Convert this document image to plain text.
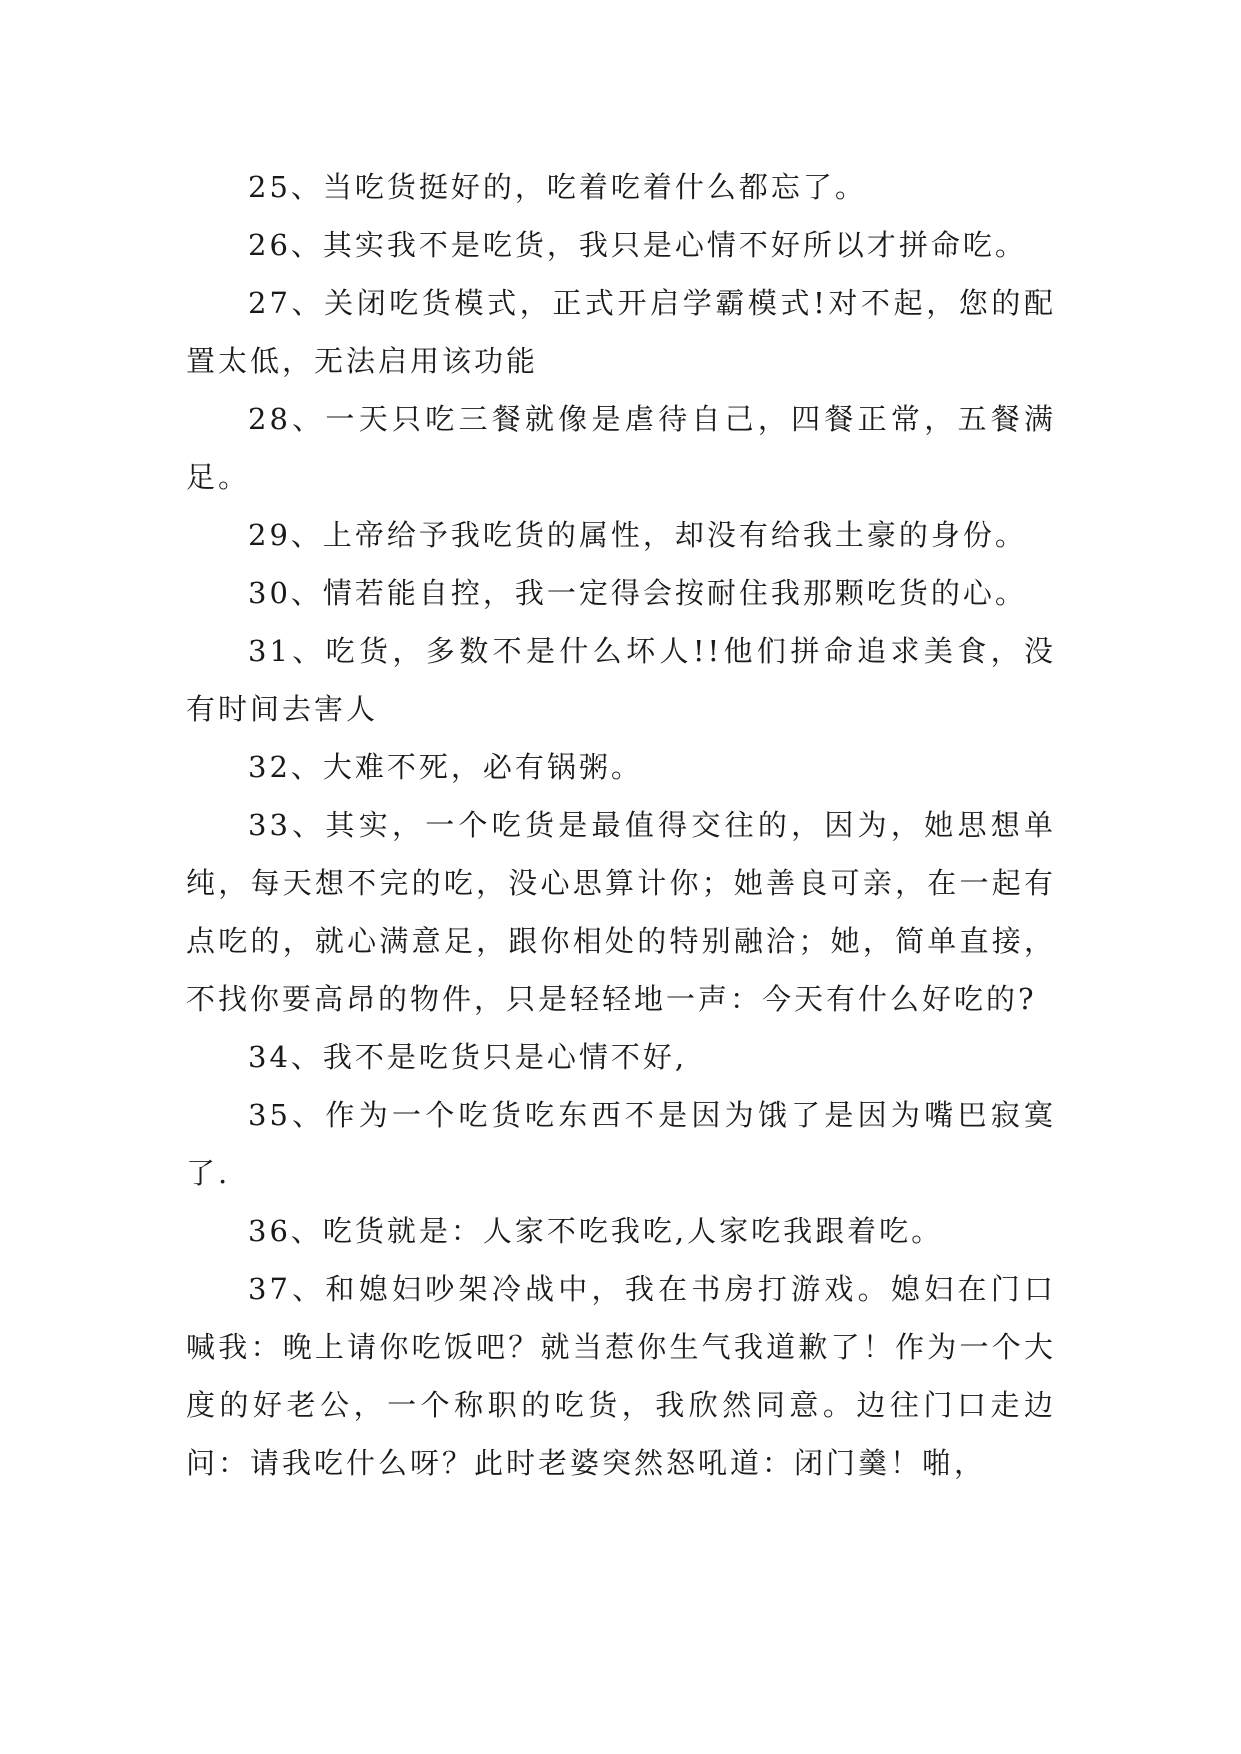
25、当吃货挺好的，吃着吃着什么都忘了。

26、其实我不是吃货，我只是心情不好所以才拼命吃。

27、关闭吃货模式，正式开启学霸模式!对不起，您的配置太低，无法启用该功能

28、一天只吃三餐就像是虐待自己，四餐正常，五餐满足。

29、上帝给予我吃货的属性，却没有给我土豪的身份。

30、情若能自控，我一定得会按耐住我那颗吃货的心。

31、吃货，多数不是什么坏人!!他们拼命追求美食，没有时间去害人

32、大难不死，必有锅粥。

33、其实，一个吃货是最值得交往的，因为，她思想单纯，每天想不完的吃，没心思算计你；她善良可亲，在一起有点吃的，就心满意足，跟你相处的特别融洽；她，简单直接，不找你要高昂的物件，只是轻轻地一声：今天有什么好吃的?

34、我不是吃货只是心情不好,

35、作为一个吃货吃东西不是因为饿了是因为嘴巴寂寞了.

36、吃货就是：人家不吃我吃,人家吃我跟着吃。

37、和媳妇吵架冷战中，我在书房打游戏。媳妇在门口喊我：晚上请你吃饭吧？就当惹你生气我道歉了！作为一个大度的好老公，一个称职的吃货，我欣然同意。边往门口走边问：请我吃什么呀？此时老婆突然怒吼道：闭门羹！啪，
